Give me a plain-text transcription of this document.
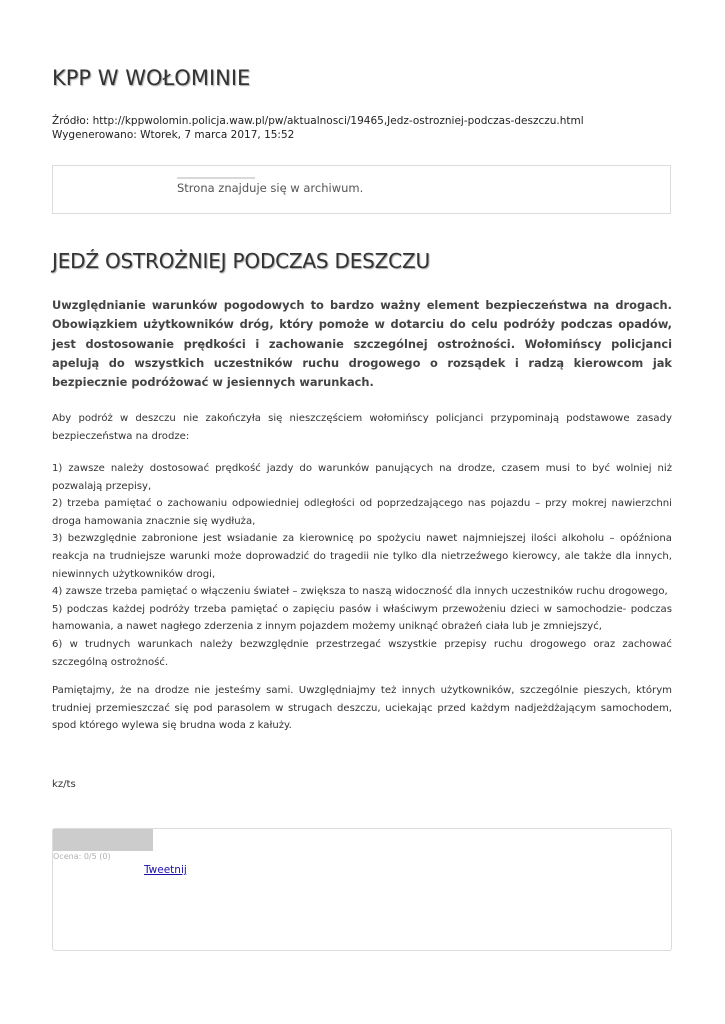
KPP W WOŁOMINIE
Źródło: http://kppwolomin.policja.waw.pl/pw/aktualnosci/19465,Jedz-ostrozniej-podczas-deszczu.html
Wygenerowano: Wtorek, 7 marca 2017, 15:52
Strona znajduje się w archiwum.
JEDŹ OSTROŻNIEJ PODCZAS DESZCZU

Uwzględnianie warunków pogodowych to bardzo ważny element bezpieczeństwa na drogach. Obowiązkiem użytkowników dróg, który pomoże w dotarciu do celu podróży podczas opadów, jest dostosowanie prędkości i zachowanie szczególnej ostrożności. Wołomińscy policjanci apelują do wszystkich uczestników ruchu drogowego o rozsądek i radzą kierowcom jak bezpiecznie podróżować w jesiennych warunkach.

Aby podróż w deszczu nie zakończyła się nieszczęściem wołomińscy policjanci przypominają podstawowe zasady bezpieczeństwa na drodze:

1) zawsze należy dostosować prędkość jazdy do warunków panujących na drodze, czasem musi to być wolniej niż pozwalają przepisy,
2) trzeba pamiętać o zachowaniu odpowiedniej odległości od poprzedzającego nas pojazdu – przy mokrej nawierzchni droga hamowania znacznie się wydłuża,
3) bezwzględnie zabronione jest wsiadanie za kierownicę po spożyciu nawet najmniejszej ilości alkoholu – opóźniona reakcja na trudniejsze warunki może doprowadzić do tragedii nie tylko dla nietrzeźwego kierowcy, ale także dla innych, niewinnych użytkowników drogi,
4) zawsze trzeba pamiętać o włączeniu świateł – zwiększa to naszą widoczność dla innych uczestników ruchu drogowego,
5) podczas każdej podróży trzeba pamiętać o zapięciu pasów i właściwym przewożeniu dzieci w samochodzie- podczas hamowania, a nawet nagłego zderzenia z innym pojazdem możemy uniknąć obrażeń ciała lub je zmniejszyć,
6) w trudnych warunkach należy bezwzględnie przestrzegać wszystkie przepisy ruchu drogowego oraz zachować szczególną ostrożność.

Pamiętajmy, że na drodze nie jesteśmy sami. Uwzględniajmy też innych użytkowników, szczególnie pieszych, którym trudniej przemieszczać się pod parasolem w strugach deszczu, uciekając przed każdym nadjeżdżającym samochodem, spod którego wylewa się brudna woda z kałuży.

kz/ts

Ocena: 0/5 (0)
Tweetnij
